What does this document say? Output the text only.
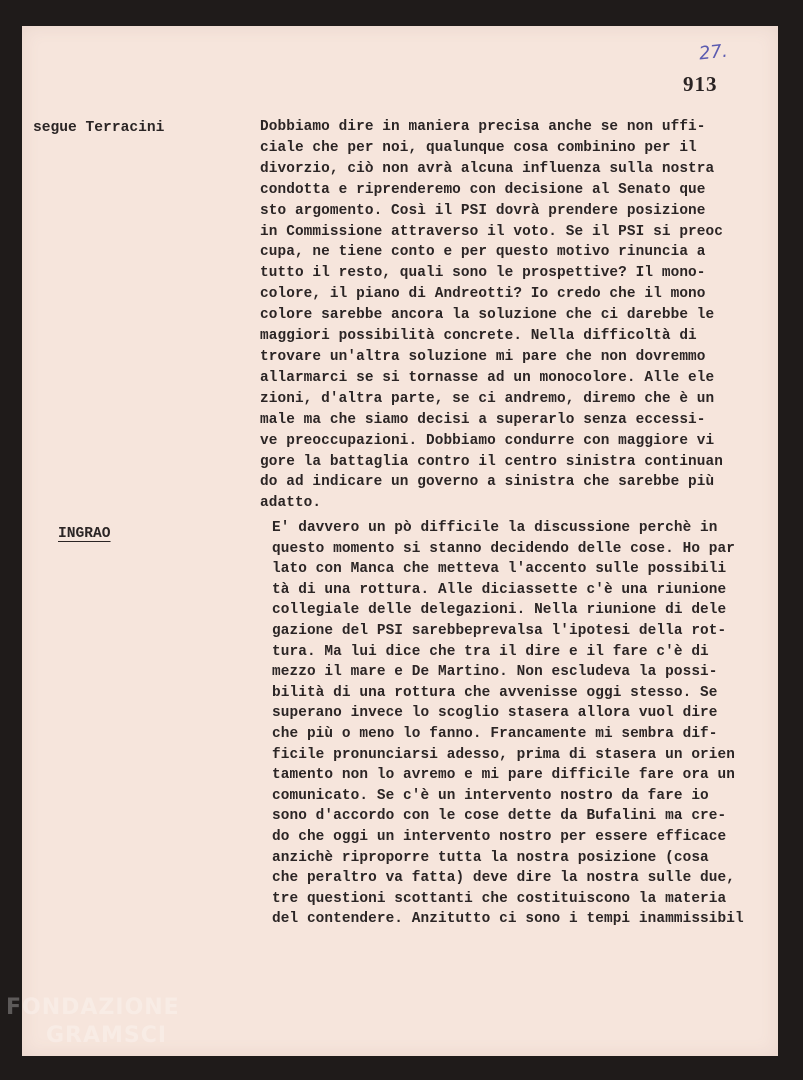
27.
913
segue Terracini	Dobbiamo dire in maniera precisa anche se non uffi-
ciale che per noi, qualunque cosa combinino per il
divorzio, ciò non avrà alcuna influenza sulla nostra
condotta e riprenderemo con decisione al Senato que
sto argomento. Così il PSI dovrà prendere posizione
in Commissione attraverso il voto. Se il PSI si preoc
cupa, ne tiene conto e per questo motivo rinuncia a
tutto il resto, quali sono le prospettive? Il mono-
colore, il piano di Andreotti? Io credo che il mono
colore sarebbe ancora la soluzione che ci darebbe le
maggiori possibilità concrete. Nella difficoltà di
trovare un'altra soluzione mi pare che non dovremmo
allarmarci se si tornasse ad un monocolore. Alle ele
zioni, d'altra parte, se ci andremo, diremo che è un
male ma che siamo decisi a superarlo senza eccessi-
ve preoccupazioni. Dobbiamo condurre con maggiore vi
gore la battaglia contro il centro sinistra continuan
do ad indicare un governo a sinistra che sarebbe più
adatto.
INGRAO	E' davvero un pò difficile la discussione perchè in
questo momento si stanno decidendo delle cose. Ho par
lato con Manca che metteva l'accento sulle possibili
tà di una rottura. Alle diciassette c'è una riunione
collegiale delle delegazioni. Nella riunione di dele
gazione del PSI sarebbeprevalsa l'ipotesi della rot-
tura. Ma lui dice che tra il dire e il fare c'è di
mezzo il mare e De Martino. Non escludeva la possi-
bilità di una rottura che avvenisse oggi stesso. Se
superano invece lo scoglio stasera allora vuol dire
che più o meno lo fanno. Francamente mi sembra dif-
ficile pronunciarsi adesso, prima di stasera un orien
tamento non lo avremo e mi pare difficile fare ora un
comunicato. Se c'è un intervento nostro da fare io
sono d'accordo con le cose dette da Bufalini ma cre-
do che oggi un intervento nostro per essere efficace
anzichè riproporre tutta la nostra posizione (cosa
che peraltro va fatta) deve dire la nostra sulle due,
tre questioni scottanti che costituiscono la materia
del contendere. Anzitutto ci sono i tempi inammissibil
FONDAZIONE
GRAMSCI
